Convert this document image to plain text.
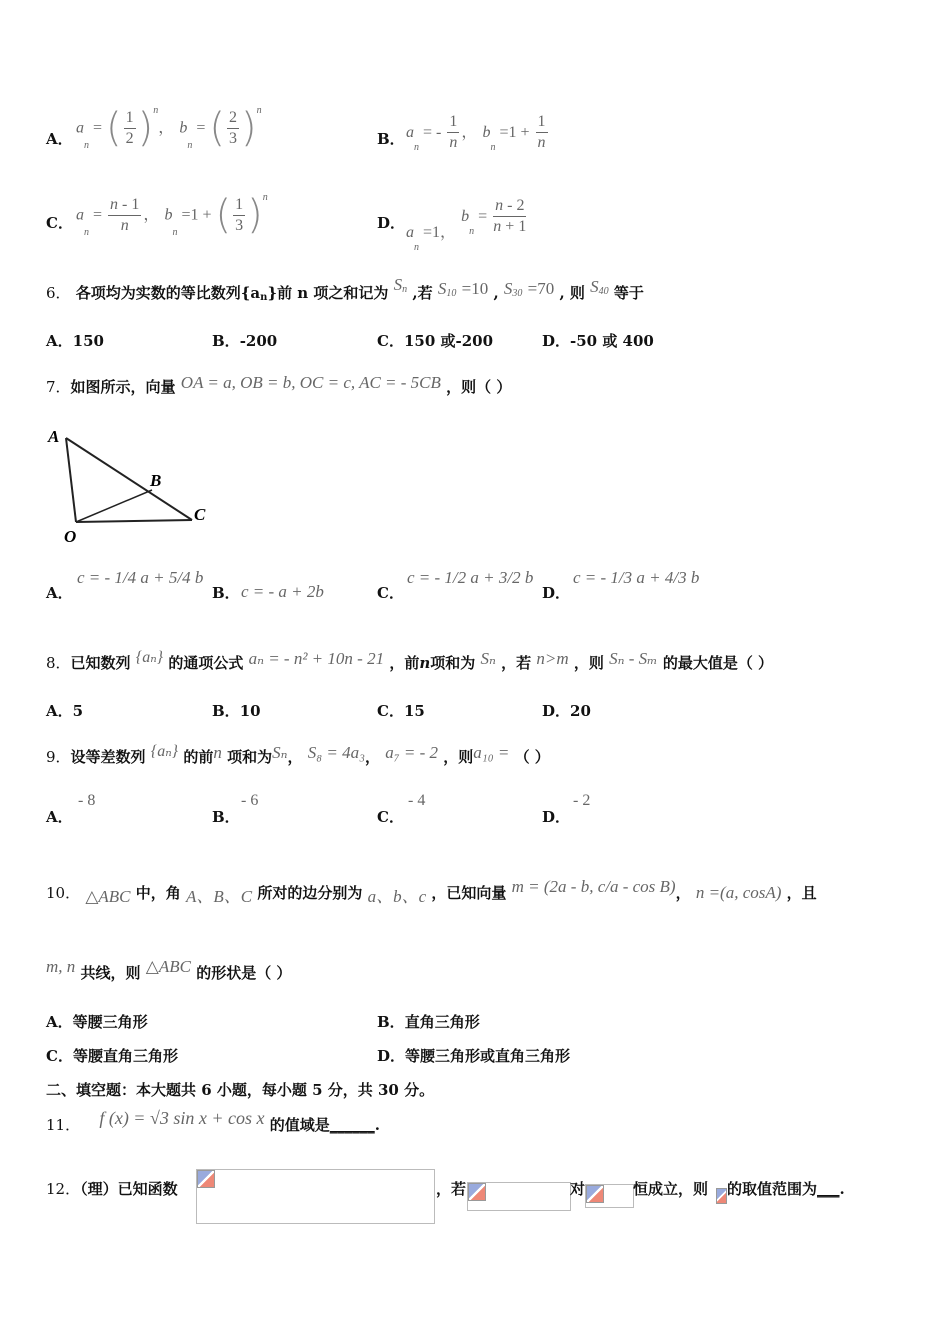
A．
an = ( $\frac{1}{2} )^n$， bn = ( $\frac{2}{3} )^n$
B． an = - $\frac{1}{n}$ ， bn $=1 + \frac{1}{n}$
C． an = $\frac{n - 1}{n}$ ， bn =1 + ( $\frac{1}{3} )^n$
D．
$a_n =1$， bn = $\frac{n - 2}{n + 1}$
6． 各项均为实数的等比数列{an}前 n 项之和记为 Sn ,若 S10 =10 , S30 =70 , 则 S40 等于
A．150	B．-200	C．150 或-200	D．-50 或 400
7．如图所示，向量 OA = a, OB = b, OC = c, AC = - 5CB ，则（ ）
A
B
C
O
A．
c = - 1/4 a + 5/4 b
B． c = - a + 2b	C．
c = - 1/2 a + 3/2 b
D．
c = - 1/3 a + 4/3 b
8．已知数列 {aₙ} 的通项公式 aₙ = - n² + 10n - 21 ，前n项和为 Sₙ ，若 n>m ，则 Sₙ - Sₘ 的最大值是（ ）
A．5	B．10	C．15	D．20
9．设等差数列 {aₙ} 的前n 项和为Sₙ， S₈ = 4a₃， a₇ = - 2 ，则a₁₀ = （ ）
A．
- 8
B．
- 6
C．
- 4
D．
- 2
10． △ABC 中，角 A、B、C 所对的边分别为 a、b、c ，已知向量 m = (2a - b, c/a - cos B)， n =(a, cosA) ，且
m, n 共线，则 △ABC 的形状是（ ）
A．等腰三角形	B．直角三角形
C．等腰直角三角形	D．等腰三角形或直角三角形
二、填空题：本大题共 6 小题，每小题 5 分，共 30 分。
11． f (x) = √3 sin x + cos x 的值域是______.
12．（理）已知函数	，若	对	恒成立，则 的取值范围为___.
